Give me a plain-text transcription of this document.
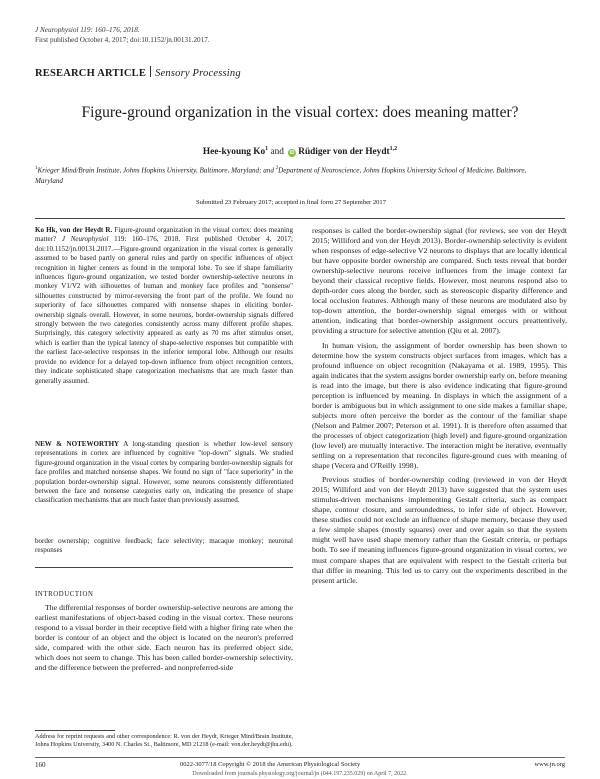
J Neurophysiol 119: 160–176, 2018.
First published October 4, 2017; doi:10.1152/jn.00131.2017.
RESEARCH ARTICLE Sensory Processing
Figure-ground organization in the visual cortex: does meaning matter?
Hee-kyoung Ko$^1$ and iD Rüdiger von der Heydt$^{1,2}$
$^1$Krieger Mind/Brain Institute, Johns Hopkins University, Baltimore, Maryland; and $^2$Department of Neuroscience, Johns Hopkins University School of Medicine, Baltimore, Maryland
Submitted 23 February 2017; accepted in final form 27 September 2017

Ko Hk, von der Heydt R. Figure-ground organization in the visual cortex: does meaning matter? J Neurophysiol 119: 160–176, 2018. First published October 4, 2017; doi:10.1152/jn.00131.2017.—Figure-ground organization in the visual cortex is generally assumed to be based partly on general rules and partly on specific influences of object recognition in higher centers as found in the temporal lobe. To see if shape familiarity influences figure-ground organization, we tested border ownership-selective neurons in monkey V1/V2 with silhouettes of human and monkey face profiles and "nonsense" silhouettes constructed by mirror-reversing the front part of the profile. We found no superiority of face silhouettes compared with nonsense shapes in eliciting border-ownership signals overall. However, in some neurons, border-ownership signals differed strongly between the two categories consistently across many different profile shapes. Surprisingly, this category selectivity appeared as early as 70 ms after stimulus onset, which is earlier than the typical latency of shape-selective responses but compatible with the earliest face-selective responses in the inferior temporal lobe. Although our results provide no evidence for a delayed top-down influence from object recognition centers, they indicate sophisticated shape categorization mechanisms that are much faster than generally assumed.

NEW & NOTEWORTHY A long-standing question is whether low-level sensory representations in cortex are influenced by cognitive "top-down" signals. We studied figure-ground organization in the visual cortex by comparing border-ownership signals for face profiles and matched nonsense shapes. We found no sign of "face superiority" in the population border-ownership signal. However, some neurons consistently differentiated between the face and nonsense categories early on, indicating the presence of shape classification mechanisms that are much faster than previously assumed.

border ownership; cognitive feedback; face selectivity; macaque monkey; neuronal responses
INTRODUCTION

The differential responses of border ownership-selective neurons are among the earliest manifestations of object-based coding in the visual cortex. These neurons respond to a visual border in their receptive field with a higher firing rate when the border is contour of an object and the object is located on the neuron's preferred side, compared with the other side. Each neuron has its preferred object side, which does not seem to change. This has been called border-ownership selectivity, and the difference between the preferred- and nonpreferred-side

responses is called the border-ownership signal (for reviews, see von der Heydt 2015; Williford and von der Heydt 2013). Border-ownership selectivity is evident when responses of edge-selective V2 neurons to displays that are locally identical but have opposite border ownership are compared. Such tests reveal that border ownership-selective neurons receive influences from the image context far beyond their classical receptive fields. However, most neurons respond also to depth-order cues along the border, such as stereoscopic disparity difference and local occlusion features. Although many of these neurons are modulated also by top-down attention, the border-ownership signal emerges with or without attention, indicating that border-ownership assignment occurs preattentively, providing a structure for selective attention (Qiu et al. 2007).

In human vision, the assignment of border ownership has been shown to determine how the system constructs object surfaces from images, which has a profound influence on object recognition (Nakayama et al. 1989, 1995). This again indicates that the system assigns border ownership early on, before meaning is read into the image, but there is also evidence indicating that figure-ground perception is influenced by meaning. In displays in which the assignment of a border is ambiguous but in which assignment to one side makes a familiar shape, subjects more often perceive the border as the contour of the familiar shape (Nelson and Palmer 2007; Peterson et al. 1991). It is therefore often assumed that the processes of object categorization (high level) and figure-ground organization (low level) are mutually interactive. The interaction might be iterative, eventually settling on a representation that reconciles figure-ground cues with meaning of shape (Vecera and O'Reilly 1998).

Previous studies of border-ownership coding (reviewed in von der Heydt 2015; Williford and von der Heydt 2013) have suggested that the system uses stimulus-driven mechanisms implementing Gestalt criteria, such as compact shape, contour closure, and surroundedness, to infer side of object. However, these studies could not exclude an influence of shape memory, because they used a few simple shapes (mostly squares) over and over again so that the system might well have used shape memory rather than the Gestalt criteria, or perhaps both. To see if meaning influences figure-ground organization in visual cortex, we must compare shapes that are equivalent with respect to the Gestalt criteria but that differ in meaning. This led us to carry out the experiments described in the present article.

Address for reprint requests and other correspondence: R. von der Heydt, Krieger Mind/Brain Institute, Johns Hopkins University, 3400 N. Charles St., Baltimore, MD 21218 (e-mail: von.der.heydt@jhu.edu).
160	0022-3077/18 Copyright © 2018 the American Physiological Society	www.jn.org
Downloaded from journals.physiology.org/journal/jn (044.197.235.029) on April 7, 2022.
